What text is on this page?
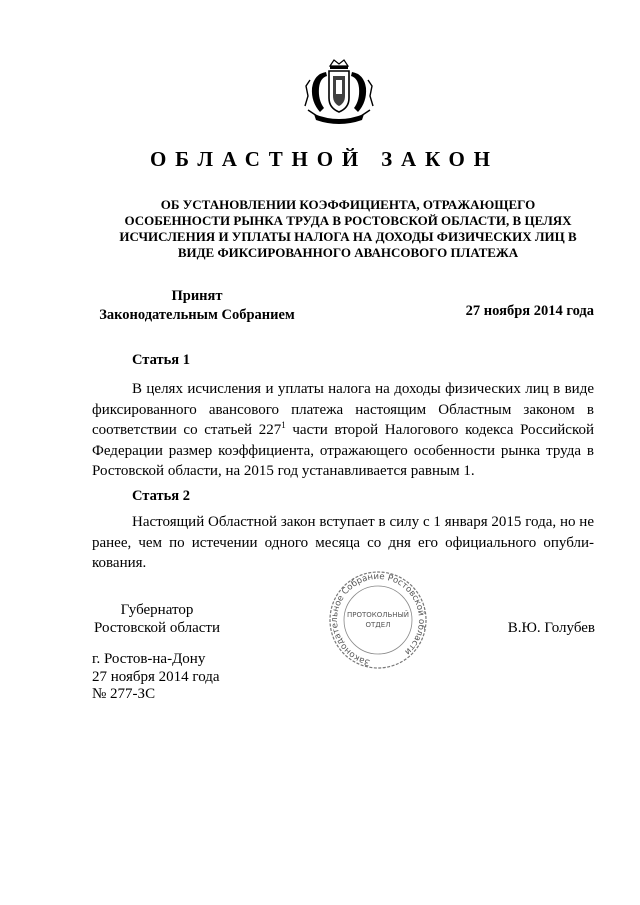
ОБЛАСТНОЙ ЗАКОН
ОБ УСТАНОВЛЕНИИ КОЭФФИЦИЕНТА, ОТРАЖАЮЩЕГО ОСОБЕННОСТИ РЫНКА ТРУДА В РОСТОВСКОЙ ОБЛАСТИ, В ЦЕЛЯХ ИСЧИСЛЕНИЯ И УПЛАТЫ НАЛОГА НА ДОХОДЫ ФИЗИЧЕСКИХ ЛИЦ В ВИДЕ ФИКСИРОВАННОГО АВАНСОВОГО ПЛАТЕЖА
Принят
Законодательным Собранием	27 ноября 2014 года
Статья 1
В целях исчисления и уплаты налога на доходы физических лиц в виде фиксированного авансового платежа настоящим Областным законом в соответствии со статьей $227^1$ части второй Налогового кодекса Российской Федерации размер коэффициента, отражающего особенности рынка труда в Ростовской области, на 2015 год устанавливается равным 1.
Статья 2
Настоящий Областной закон вступает в силу с 1 января 2015 года, но не ранее, чем по истечении одного месяца со дня его официального опубли-кования.
Губернатор
Ростовской области
Законодательное Собрание Ростовской области
ПРОТОКОЛЬНЫЙ
ОТДЕЛ	В.Ю. Голубев
г. Ростов-на-Дону
27 ноября 2014 года
№ 277-ЗС
